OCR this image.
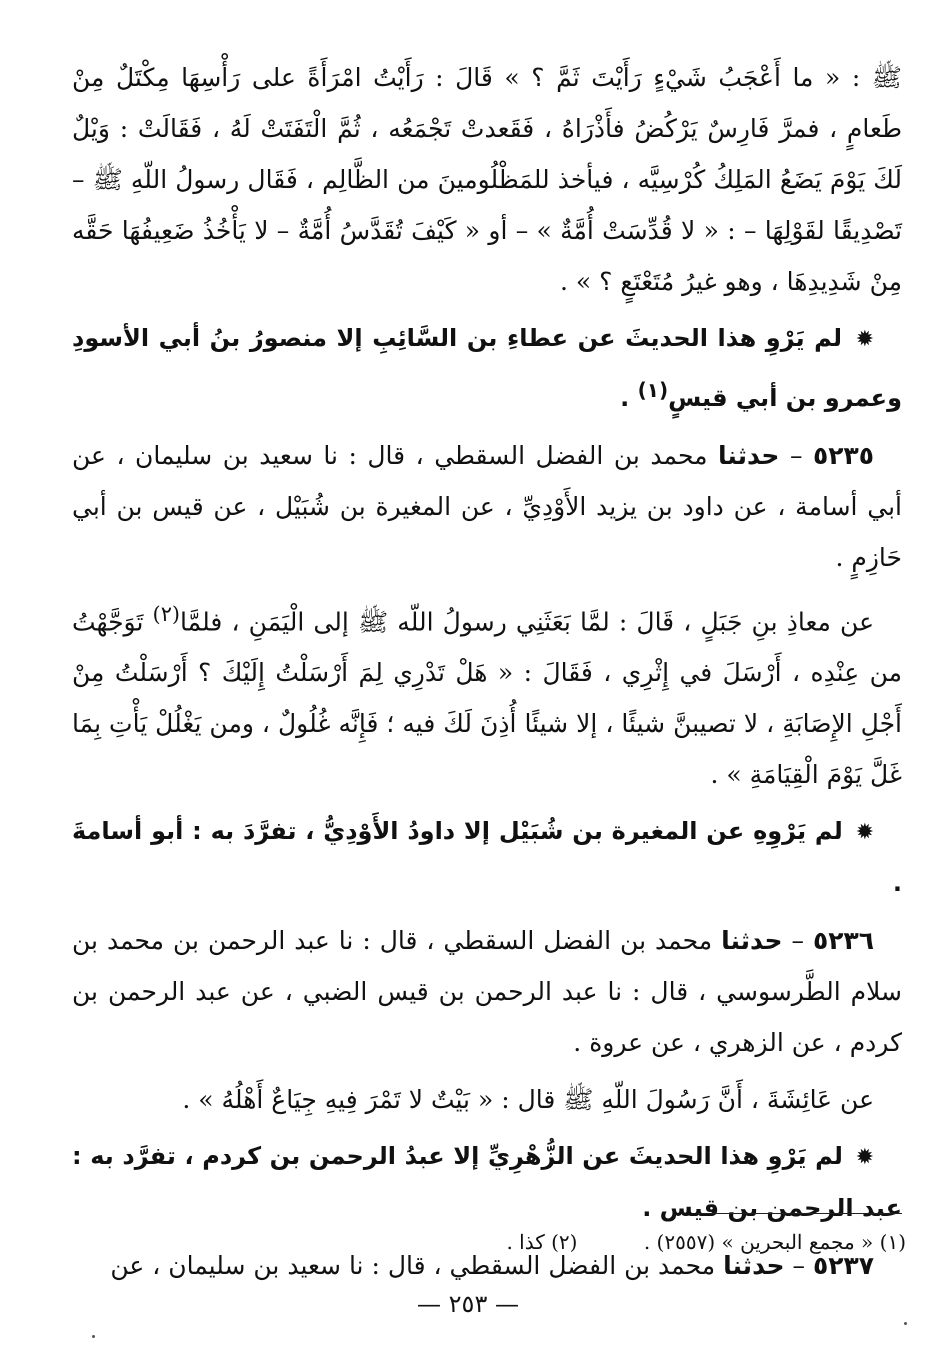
ﷺ : « ما أَعْجَبُ شَيْءٍ رَأَيْتَ ثَمَّ ؟ » قَالَ : رَأَيْتُ امْرَأَةً على رَأْسِهَا مِكْتَلٌ مِنْ طَعامٍ ، فمرَّ فَارِسٌ يَرْكُضُ فأَذْرَاهُ ، فَقَعدتْ تَجْمَعُه ، ثُمَّ الْتَفَتَتْ لَهُ ، فَقَالَتْ : وَيْلٌ لَكَ يَوْمَ يَضَعُ المَلِكُ كُرْسِيَّه ، فيأخذ للمَظْلُومينَ من الظَّالِم ، فَقَال رسولُ اللّهِ ﷺ – تَصْدِيقًا لقَوْلِهَا – : « لا قُدِّسَتْ أُمَّةٌ » – أو « كَيْفَ تُقَدَّسُ أُمَّةٌ – لا يَأْخُذُ ضَعِيفُهَا حَقَّه مِنْ شَدِيدِهَا ، وهو غيرُ مُتَعْتَعٍ ؟ » .

✹ لم يَرْوِ هذا الحديثَ عن عطاءِ بن السَّائِبِ إلا منصورُ بنُ أبي الأسودِ وعمرو بن أبي قيسٍ$^{(١)}$ .

٥٢٣٥ – حدثنا محمد بن الفضل السقطي ، قال : نا سعيد بن سليمان ، عن أبي أسامة ، عن داود بن يزيد الأَوْدِيِّ ، عن المغيرة بن شُبَيْل ، عن قيس بن أبي حَازِمٍ .

عن معاذِ بنِ جَبَلٍ ، قَالَ : لمَّا بَعَثَنِي رسولُ اللّه ﷺ إلى الْيَمَنِ ، فلمَّا$^{(٢)}$ تَوَجَّهْتُ من عِنْدِه ، أَرْسَلَ في إِثْرِي ، فَقَالَ : « هَلْ تَدْرِي لِمَ أَرْسَلْتُ إِلَيْكَ ؟ أَرْسَلْتُ مِنْ أَجْلِ الإِصَابَةِ ، لا تصيبنَّ شيئًا ، إلا شيئًا أُذِنَ لَكَ فيه ؛ فَإِنَّه غُلُولٌ ، ومن يَغْلُلْ يَأْتِ بِمَا غَلَّ يَوْمَ الْقِيَامَةِ » .

✹ لم يَرْوِهِ عن المغيرة بن شُبَيْل إلا داودُ الأَوْدِيُّ ، تفرَّدَ به : أبو أسامةَ .

٥٢٣٦ – حدثنا محمد بن الفضل السقطي ، قال : نا عبد الرحمن بن محمد بن سلام الطَّرسوسي ، قال : نا عبد الرحمن بن قيس الضبي ، عن عبد الرحمن بن كردم ، عن الزهري ، عن عروة .

عن عَائِشَةَ ، أَنَّ رَسُولَ اللّهِ ﷺ قال : « بَيْتٌ لا تَمْرَ فِيهِ جِيَاعٌ أَهْلُهُ » .

✹ لم يَرْوِ هذا الحديثَ عن الزُّهْرِيِّ إلا عبدُ الرحمن بن كردم ، تفرَّد به : عبد الرحمن بن قيس .

٥٢٣٧ – حدثنا محمد بن الفضل السقطي ، قال : نا سعيد بن سليمان ، عن

(١) « مجمع البحرين » (٢٥٥٧) . (٢) كذا .
— ٢٥٣ —
